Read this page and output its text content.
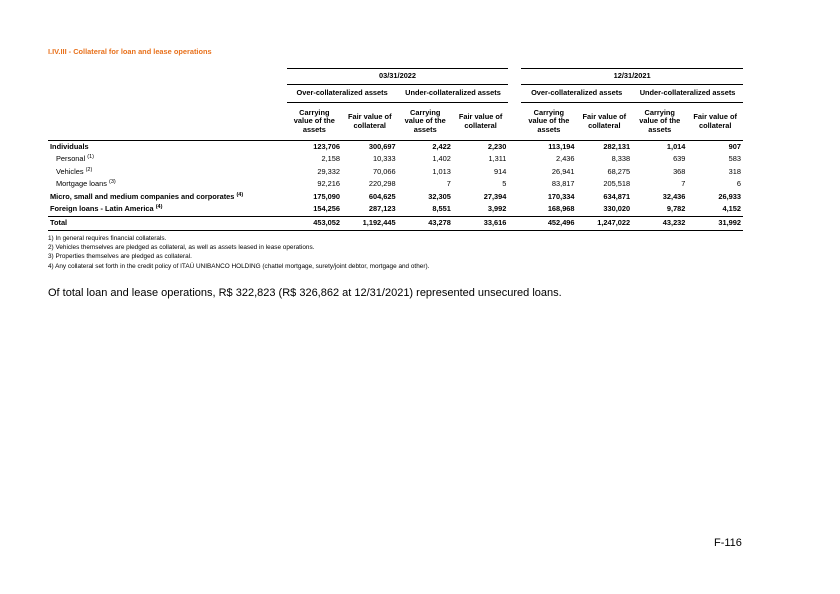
I.IV.III - Collateral for loan and lease operations
	03/31/2022					12/31/2021			
	Over-collateralized assets		Under-collateralized assets			Over-collateralized assets		Under-collateralized assets	
	Carrying value of the assets	Fair value of collateral	Carrying value of the assets	Fair value of collateral		Carrying value of the assets	Fair value of collateral	Carrying value of the assets	Fair value of collateral
Individuals	123,706	300,697	2,422	2,230		113,194	282,131	1,014	907
Personal $^{(1)}$	2,158	10,333	1,402	1,311		2,436	8,338	639	583
Vehicles $^{(2)}$	29,332	70,066	1,013	914		26,941	68,275	368	318
Mortgage loans $^{(3)}$	92,216	220,298	7	5		83,817	205,518	7	6
Micro, small and medium companies and corporates $^{(4)}$	175,090	604,625	32,305	27,394		170,334	634,871	32,436	26,933
Foreign loans - Latin America $^{(4)}$	154,256	287,123	8,551	3,992		168,968	330,020	9,782	4,152
Total	453,052	1,192,445	43,278	33,616		452,496	1,247,022	43,232	31,992
1) In general requires financial collaterals.
2) Vehicles themselves are pledged as collateral, as well as assets leased in lease operations.
3) Properties themselves are pledged as collateral.
4) Any collateral set forth in the credit policy of ITAÚ UNIBANCO HOLDING (chattel mortgage, surety/joint debtor, mortgage and other).
Of total loan and lease operations, R$ 322,823 (R$ 326,862 at 12/31/2021) represented unsecured loans.
F-116
